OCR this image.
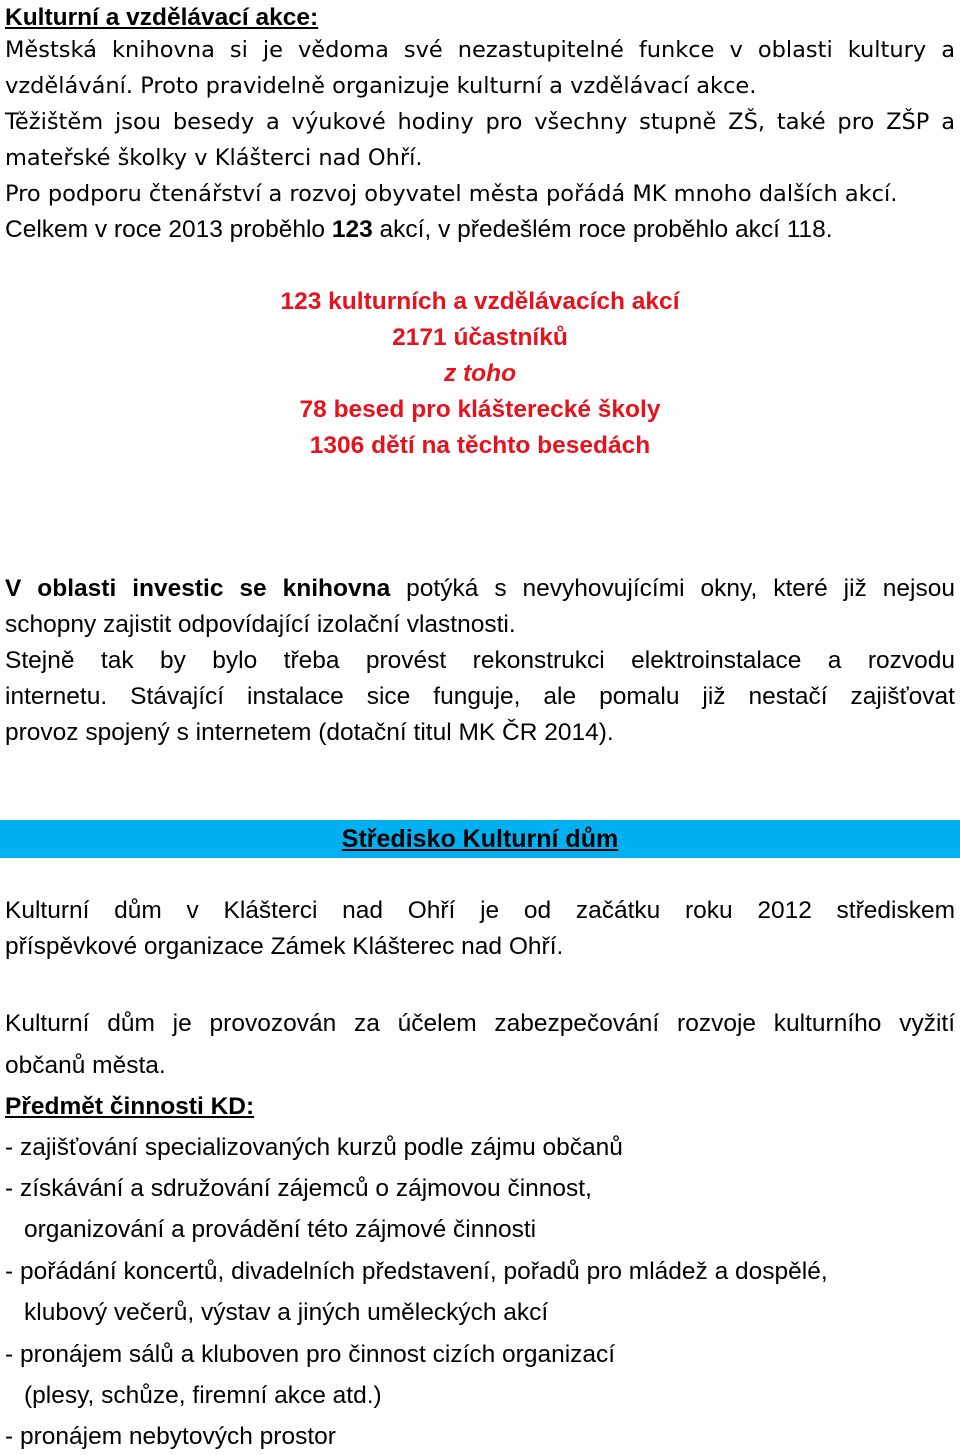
Kulturní a vzdělávací akce:

Městská knihovna si je vědoma své nezastupitelné funkce v oblasti kultury a

vzdělávání. Proto pravidelně organizuje kulturní a vzdělávací akce.

Těžištěm jsou besedy a výukové hodiny pro všechny stupně ZŠ, také pro ZŠP a

mateřské školky v Klášterci nad Ohří.

Pro podporu čtenářství a rozvoj obyvatel města pořádá MK mnoho dalších akcí.

Celkem v roce 2013 proběhlo 123 akcí, v předešlém roce proběhlo akcí 118.

123 kulturních a vzdělávacích akcí

2171 účastníků

z toho

78 besed pro klášterecké školy

1306 dětí na těchto besedách

V oblasti investic se knihovna potýká s nevyhovujícími okny, které již nejsou

schopny zajistit odpovídající izolační vlastnosti.

Stejně tak by bylo třeba provést rekonstrukci elektroinstalace a rozvodu

internetu. Stávající instalace sice funguje, ale pomalu již nestačí zajišťovat

provoz spojený s internetem (dotační titul MK ČR 2014).

Středisko Kulturní dům

Kulturní dům v Klášterci nad Ohří je od začátku roku 2012 střediskem

příspěvkové organizace Zámek Klášterec nad Ohří.

Kulturní dům je provozován za účelem zabezpečování rozvoje kulturního vyžití

občanů města.

Předmět činnosti KD:

- zajišťování specializovaných kurzů podle zájmu občanů

- získávání a sdružování zájemců o zájmovou činnost,

organizování a provádění této zájmové činnosti

- pořádání koncertů, divadelních představení, pořadů pro mládež a dospělé,

klubový večerů, výstav a jiných uměleckých akcí

- pronájem sálů a kluboven pro činnost cizích organizací

(plesy, schůze, firemní akce atd.)

- pronájem nebytových prostor
